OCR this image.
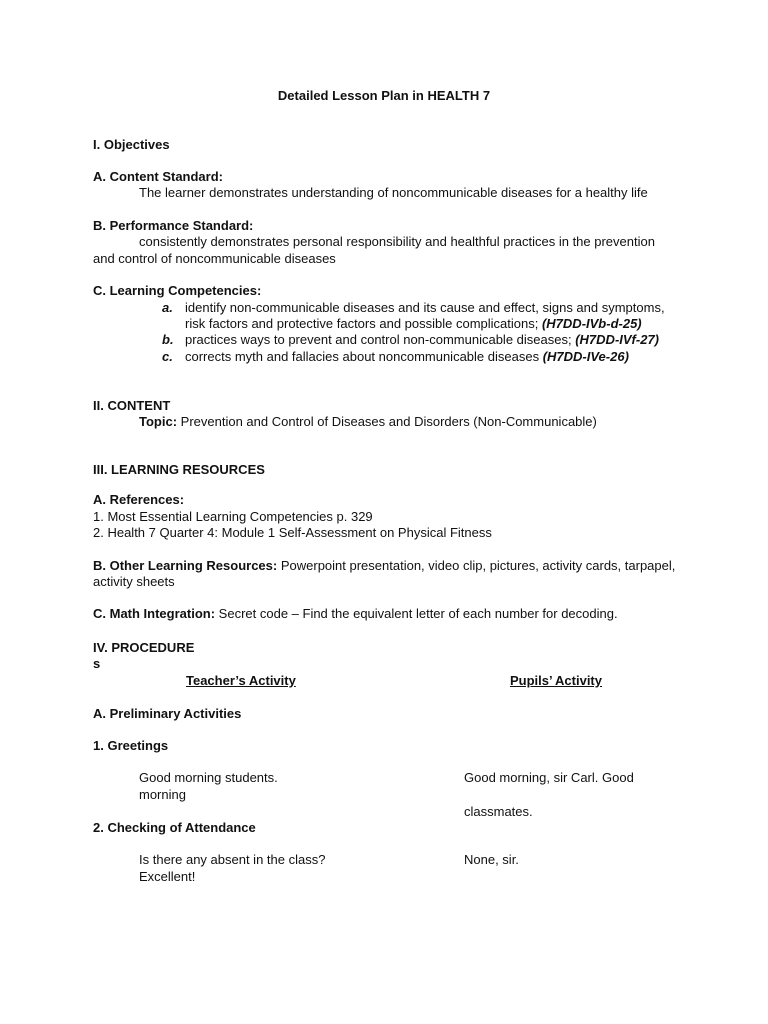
Detailed Lesson Plan in HEALTH 7
I. Objectives
A. Content Standard:
The learner demonstrates understanding of noncommunicable diseases for a healthy life
B. Performance Standard:
consistently demonstrates personal responsibility and healthful practices in the prevention
and control of noncommunicable diseases
C. Learning Competencies:
a. identify non-communicable diseases and its cause and effect, signs and symptoms,
risk factors and protective factors and possible complications; (H7DD-IVb-d-25)
b. practices ways to prevent and control non-communicable diseases; (H7DD-IVf-27)
c. corrects myth and fallacies about noncommunicable diseases (H7DD-IVe-26)
II. CONTENT
Topic: Prevention and Control of Diseases and Disorders (Non-Communicable)
III. LEARNING RESOURCES
A. References:
1. Most Essential Learning Competencies p. 329
2. Health 7 Quarter 4: Module 1 Self-Assessment on Physical Fitness
B. Other Learning Resources: Powerpoint presentation, video clip, pictures, activity cards, tarpapel,
activity sheets
C. Math Integration: Secret code – Find the equivalent letter of each number for decoding.
IV. PROCEDURE
s
Teacher’s Activity	Pupils’ Activity
A. Preliminary Activities
1. Greetings
Good morning students.
morning
Good morning, sir Carl. Good
classmates.
2. Checking of Attendance
Is there any absent in the class?
Excellent!
None, sir.
